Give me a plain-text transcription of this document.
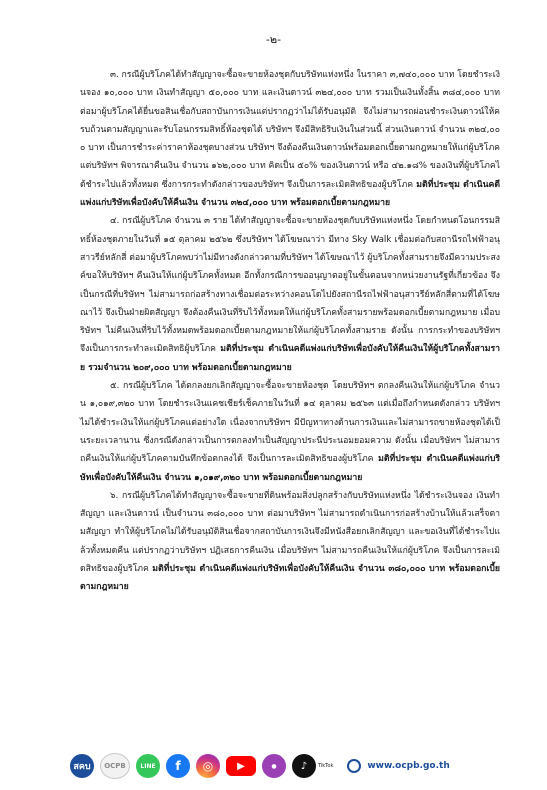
-๒-

๓. กรณีผู้บริโภคได้ทำสัญญาจะซื้อจะขายห้องชุดกับบริษัทแห่งหนึ่ง ในราคา ๓,๗๔๐,๐๐๐ บาท โดยชำระเงินจอง ๑๐,๐๐๐ บาท เงินทำสัญญา ๕๐,๐๐๐ บาท และเงินดาวน์ ๓๒๔,๐๐๐ บาท รวมเป็นเงินทั้งสิ้น ๓๘๔,๐๐๐ บาท ต่อมาผู้บริโภคได้ยื่นขอสินเชื่อกับสถาบันการเงินแต่ปรากฏว่าไม่ได้รับอนุมัติ จึงไม่สามารถผ่อนชำระเงินดาวน์ให้ครบถ้วนตามสัญญาและรับโอนกรรมสิทธิ์ห้องชุดได้ บริษัทฯ จึงมีสิทธิริบเงินในส่วนนี้ ส่วนเงินดาวน์ จำนวน ๓๒๔,๐๐๐ บาท เป็นการชำระค่าราคาห้องชุดบางส่วน บริษัทฯ จึงต้องคืนเงินดาวน์พร้อมดอกเบี้ยตามกฎหมายให้แก่ผู้บริโภค แต่บริษัทฯ พิจารณาคืนเงิน จำนวน ๑๖๒,๐๐๐ บาท คิดเป็น ๕๐% ของเงินดาวน์ หรือ ๔๒.๑๘% ของเงินที่ผู้บริโภคได้ชำระไปแล้วทั้งหมด ซึ่งการกระทำดังกล่าวของบริษัทฯ จึงเป็นการละเมิดสิทธิของผู้บริโภค มติที่ประชุม ดำเนินคดีแพ่งแก่บริษัทเพื่อบังคับให้คืนเงิน จำนวน ๓๒๔,๐๐๐ บาท พร้อมดอกเบี้ยตามกฎหมาย

๔. กรณีผู้บริโภค จำนวน ๓ ราย ได้ทำสัญญาจะซื้อจะขายห้องชุดกับบริษัทแห่งหนึ่ง โดยกำหนดโอนกรรมสิทธิ์ห้องชุดภายในวันที่ ๑๕ ตุลาคม ๒๕๖๒ ซึ่งบริษัทฯ ได้โฆษณาว่า มีทาง Sky Walk เชื่อมต่อกับสถานีรถไฟฟ้าอนุสาวรีย์หลักสี่ ต่อมาผู้บริโภคพบว่าไม่มีทางดังกล่าวตามที่บริษัทฯ ได้โฆษณาไว้ ผู้บริโภคทั้งสามรายจึงมีความประสงค์ขอให้บริษัทฯ คืนเงินให้แก่ผู้บริโภคทั้งหมด อีกทั้งกรณีการขออนุญาตอยู่ในขั้นตอนจากหน่วยงานรัฐที่เกี่ยวข้อง จึงเป็นกรณีที่บริษัทฯ ไม่สามารถก่อสร้างทางเชื่อมต่อระหว่างคอนโดไปยังสถานีรถไฟฟ้าอนุสาวรีย์หลักสี่ตามที่ได้โฆษณาไว้ จึงเป็นฝ่ายผิดสัญญา จึงต้องคืนเงินที่ริบไว้ทั้งหมดให้แก่ผู้บริโภคทั้งสามรายพร้อมดอกเบี้ยตามกฎหมาย เมื่อบริษัทฯ ไม่คืนเงินที่ริบไว้ทั้งหมดพร้อมดอกเบี้ยตามกฎหมายให้แก่ผู้บริโภคทั้งสามราย ดังนั้น การกระทำของบริษัทฯ จึงเป็นการกระทำละเมิดสิทธิผู้บริโภค มติที่ประชุม ดำเนินคดีแพ่งแก่บริษัทเพื่อบังคับให้คืนเงินให้ผู้บริโภคทั้งสามราย รวมจำนวน ๒๐๙,๐๐๐ บาท พร้อมดอกเบี้ยตามกฎหมาย

๕. กรณีผู้บริโภค ได้ตกลงยกเลิกสัญญาจะซื้อจะขายห้องชุด โดยบริษัทฯ ตกลงคืนเงินให้แก่ผู้บริโภค จำนวน ๑,๐๑๙,๓๒๐ บาท โดยชำระเงินแคชเชียร์เช็คภายในวันที่ ๑๔ ตุลาคม ๒๕๖๓ แต่เมื่อถึงกำหนดดังกล่าว บริษัทฯ ไม่ได้ชำระเงินให้แก่ผู้บริโภคแต่อย่างใด เนื่องจากบริษัทฯ มีปัญหาทางด้านการเงินและไม่สามารถขายห้องชุดได้เป็นระยะเวลานาน ซึ่งกรณีดังกล่าวเป็นการตกลงทำเป็นสัญญาประนีประนอมยอมความ ดังนั้น เมื่อบริษัทฯ ไม่สามารถคืนเงินให้แก่ผู้บริโภคตามบันทึกข้อตกลงได้ จึงเป็นการละเมิดสิทธิของผู้บริโภค มติที่ประชุม ดำเนินคดีแพ่งแก่บริษัทเพื่อบังคับให้คืนเงิน จำนวน ๑,๐๑๙,๓๒๐ บาท พร้อมดอกเบี้ยตามกฎหมาย

๖. กรณีผู้บริโภคได้ทำสัญญาจะซื้อจะขายที่ดินพร้อมสิ่งปลูกสร้างกับบริษัทแห่งหนึ่ง ได้ชำระเงินจอง เงินทำสัญญา และเงินดาวน์ เป็นจำนวน ๓๘๐,๐๐๐ บาท ต่อมาบริษัทฯ ไม่สามารถดำเนินการก่อสร้างบ้านให้แล้วเสร็จตามสัญญา ทำให้ผู้บริโภคไม่ได้รับอนุมัติสินเชื่อจากสถาบันการเงินจึงมีหนังสือยกเลิกสัญญา และขอเงินที่ได้ชำระไปแล้วทั้งหมดคืน แต่ปรากฏว่าบริษัทฯ ปฏิเสธการคืนเงิน เมื่อบริษัทฯ ไม่สามารถคืนเงินให้แก่ผู้บริโภค จึงเป็นการละเมิดสิทธิของผู้บริโภค มติที่ประชุม ดำเนินคดีแพ่งแก่บริษัทเพื่อบังคับให้คืนเงิน จำนวน ๓๘๐,๐๐๐ บาท พร้อมดอกเบี้ยตามกฎหมาย

สคบ	OCPB	LINE	f	◎	▶	●	♪	TikTok	www.ocpb.go.th
